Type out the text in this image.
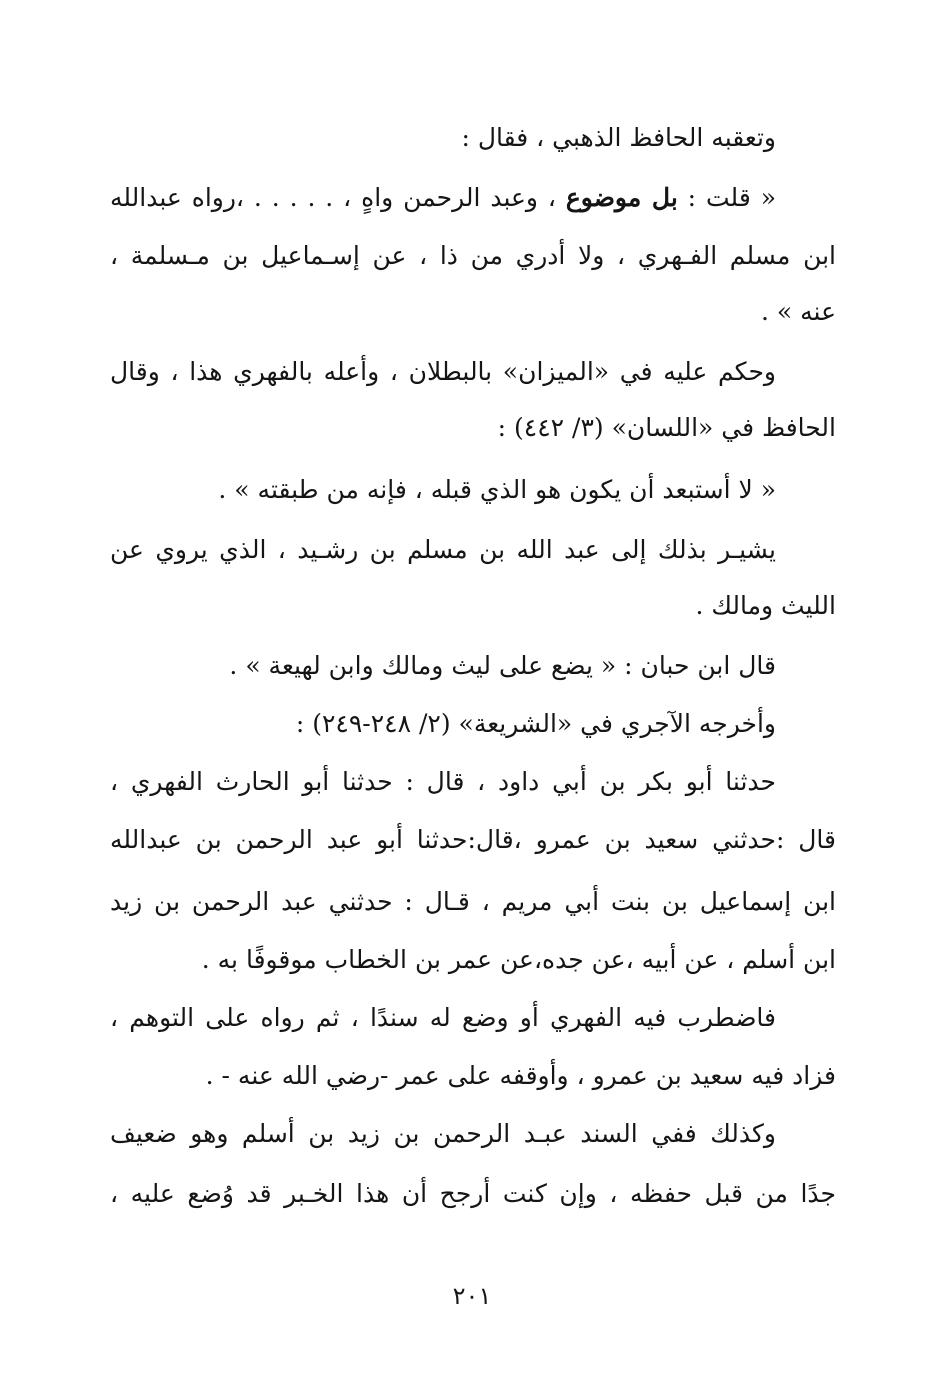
وتعقبه الحافظ الذهبي ، فقال :
« قلت : بل موضوع ، وعبد الرحمن واهٍ ، . . . . . ،رواه عبدالله
ابن مسلم الفـهري ، ولا أدري من ذا ، عن إسـماعيل بن مـسلمة ،
عنه » .
وحكم عليه في «الميزان» بالبطلان ، وأعله بالفهري هذا ، وقال
الحافظ في «اللسان» (٣/ ٤٤٢) :
« لا أستبعد أن يكون هو الذي قبله ، فإنه من طبقته » .
يشيـر بذلك إلى عبد الله بن مسلم بن رشـيد ، الذي يروي عن
الليث ومالك .
قال ابن حبان : « يضع على ليث ومالك وابن لهيعة » .
وأخرجه الآجري في «الشريعة» (٢/ ٢٤٨-٢٤٩) :
حدثنا أبو بكر بن أبي داود ، قال : حدثنا أبو الحارث الفهري ،
قال :حدثني سعيد بن عمرو ،قال:حدثنا أبو عبد الرحمن بن عبدالله
ابن إسماعيل بن بنت أبي مريم ، قـال : حدثني عبد الرحمن بن زيد
ابن أسلم ، عن أبيه ،عن جده،عن عمر بن الخطاب موقوفًا به .
فاضطرب فيه الفهري أو وضع له سندًا ، ثم رواه على التوهم ،
فزاد فيه سعيد بن عمرو ، وأوقفه على عمر -رضي الله عنه - .
وكذلك ففي السند عبـد الرحمن بن زيد بن أسلم وهو ضعيف
جدًا من قبل حفظه ، وإن كنت أرجح أن هذا الخـبر قد وُضع عليه ،
٢٠١
